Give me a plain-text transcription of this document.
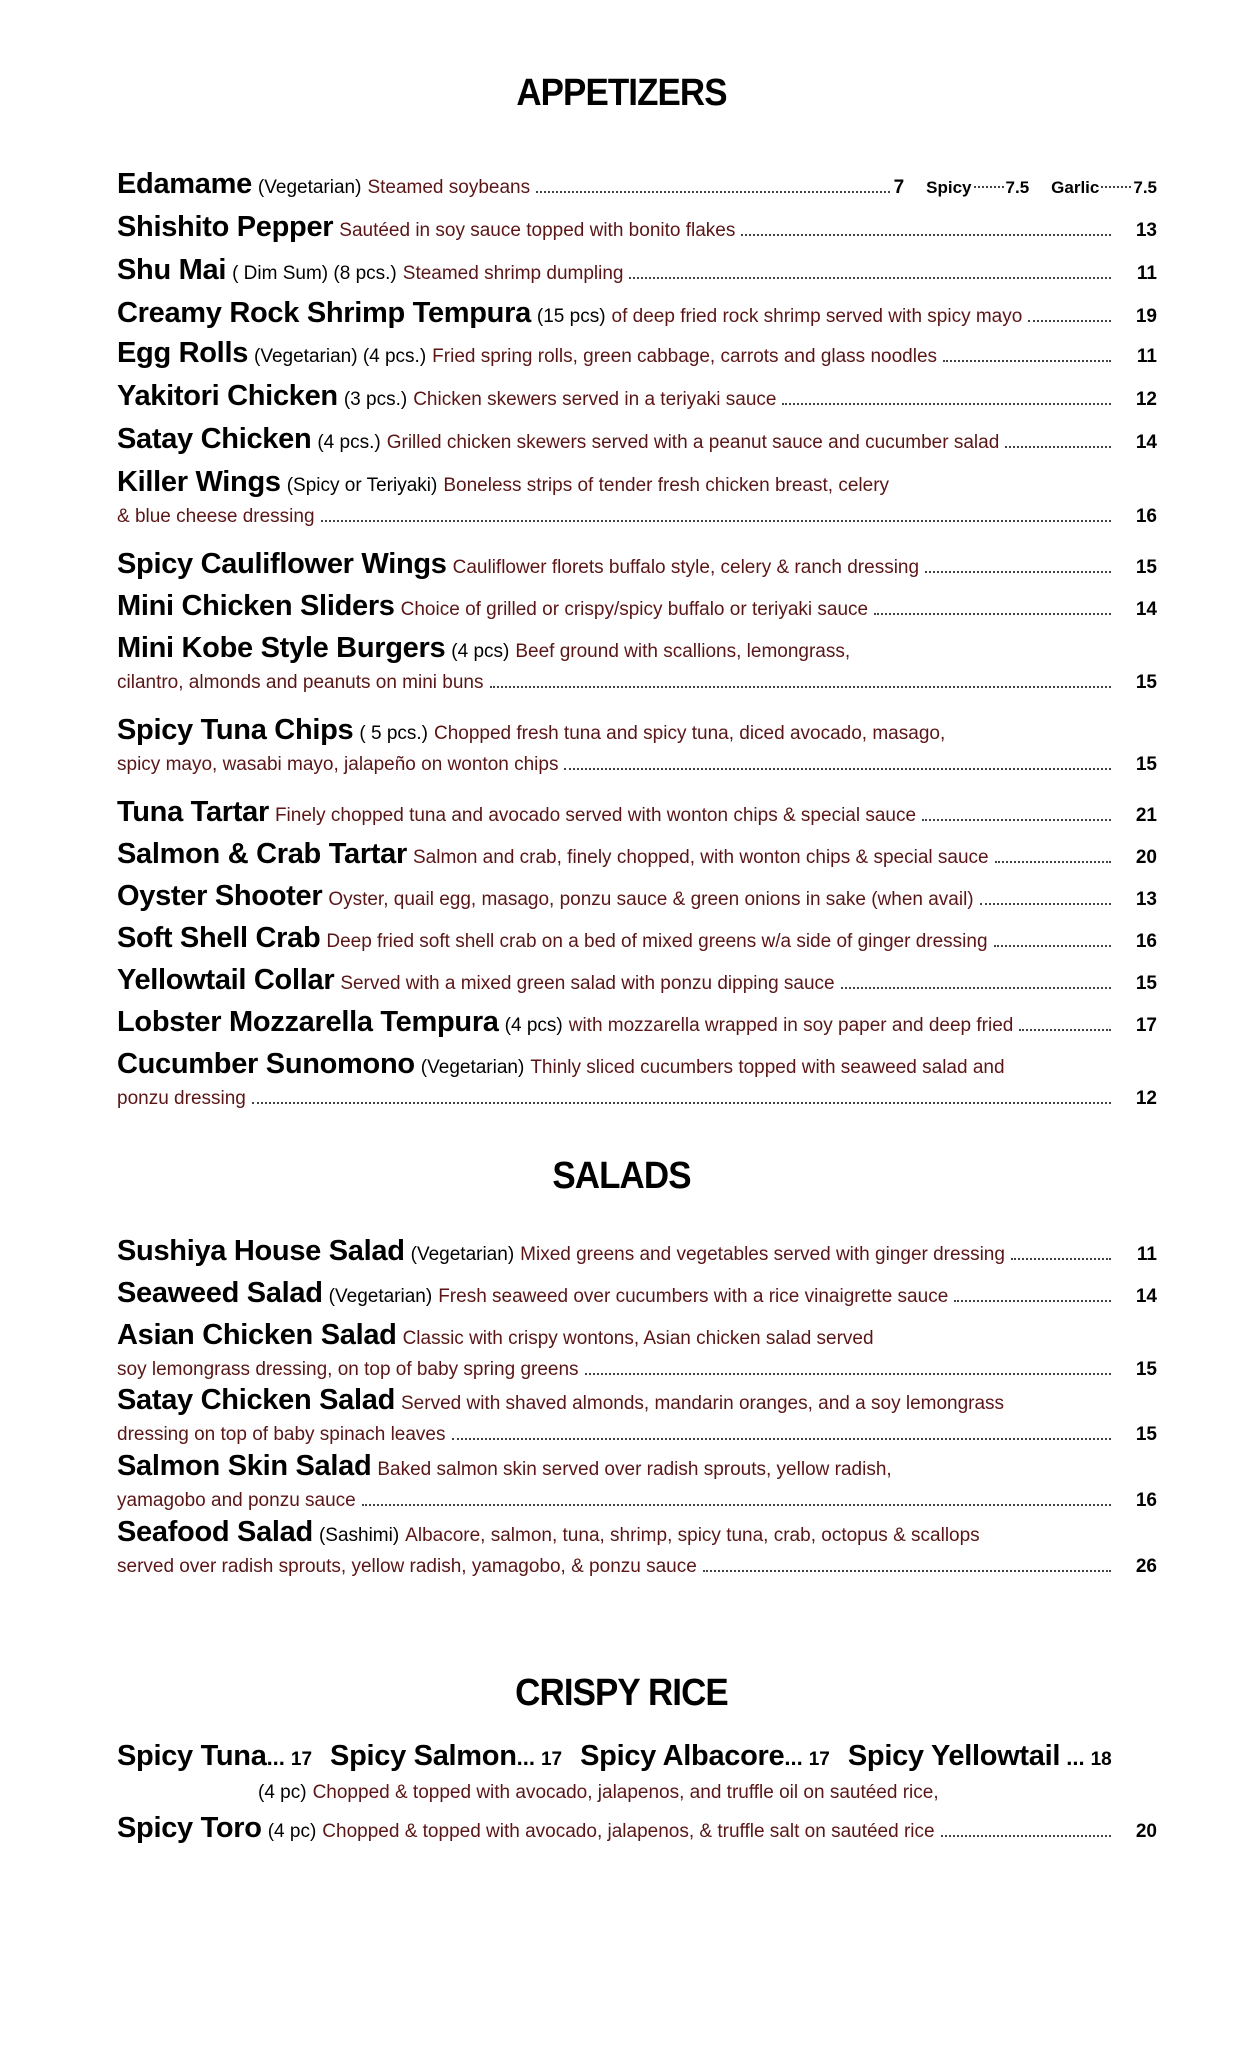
APPETIZERS
Edamame (Vegetarian) Steamed soybeans	7 Spicy 7.5 Garlic 7.5
Shishito Pepper Sautéed in soy sauce topped with bonito flakes	13
Shu Mai ( Dim Sum) (8 pcs.) Steamed shrimp dumpling	11
Creamy Rock Shrimp Tempura (15 pcs) of deep fried rock shrimp served with spicy mayo	19
Egg Rolls (Vegetarian) (4 pcs.) Fried spring rolls, green cabbage, carrots and glass noodles	11
Yakitori Chicken (3 pcs.) Chicken skewers served in a teriyaki sauce	12
Satay Chicken (4 pcs.) Grilled chicken skewers served with a peanut sauce and cucumber salad	14
Killer Wings (Spicy or Teriyaki) Boneless strips of tender fresh chicken breast, celery
& blue cheese dressing	16
Spicy Cauliflower Wings Cauliflower florets buffalo style, celery & ranch dressing	15
Mini Chicken Sliders Choice of grilled or crispy/spicy buffalo or teriyaki sauce	14
Mini Kobe Style Burgers (4 pcs) Beef ground with scallions, lemongrass,
cilantro, almonds and peanuts on mini buns	15
Spicy Tuna Chips ( 5 pcs.) Chopped fresh tuna and spicy tuna, diced avocado, masago,
spicy mayo, wasabi mayo, jalapeño on wonton chips	15
Tuna Tartar Finely chopped tuna and avocado served with wonton chips & special sauce	21
Salmon & Crab Tartar Salmon and crab, finely chopped, with wonton chips & special sauce	20
Oyster Shooter Oyster, quail egg, masago, ponzu sauce & green onions in sake (when avail)	13
Soft Shell Crab Deep fried soft shell crab on a bed of mixed greens w/a side of ginger dressing	16
Yellowtail Collar Served with a mixed green salad with ponzu dipping sauce	15
Lobster Mozzarella Tempura (4 pcs) with mozzarella wrapped in soy paper and deep fried	17
Cucumber Sunomono (Vegetarian) Thinly sliced cucumbers topped with seaweed salad and
ponzu dressing	12
SALADS
Sushiya House Salad (Vegetarian) Mixed greens and vegetables served with ginger dressing	11
Seaweed Salad (Vegetarian) Fresh seaweed over cucumbers with a rice vinaigrette sauce	14
Asian Chicken Salad Classic with crispy wontons, Asian chicken salad served
soy lemongrass dressing, on top of baby spring greens	15
Satay Chicken Salad Served with shaved almonds, mandarin oranges, and a soy lemongrass
dressing on top of baby spinach leaves	15
Salmon Skin Salad Baked salmon skin served over radish sprouts, yellow radish,
yamagobo and ponzu sauce	16
Seafood Salad (Sashimi) Albacore, salmon, tuna, shrimp, spicy tuna, crab, octopus & scallops
served over radish sprouts, yellow radish, yamagobo, & ponzu sauce	26
CRISPY RICE
Spicy Tuna ... 17 Spicy Salmon ... 17 Spicy Albacore ... 17 Spicy Yellowtail ... 18
(4 pc) Chopped & topped with avocado, jalapenos, and truffle oil on sautéed rice,
Spicy Toro (4 pc) Chopped & topped with avocado, jalapenos, & truffle salt on sautéed rice	20
